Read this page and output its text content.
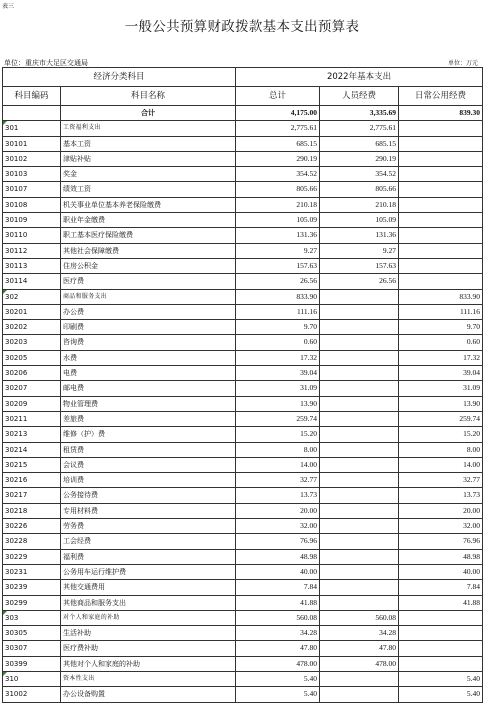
表三
一般公共预算财政拨款基本支出预算表
单位：重庆市大足区交通局	单位：万元
经济分类科目		2022年基本支出		
科目编码	科目名称	总计	人员经费	日常公用经费
	合计	4,175.00	3,335.69	839.30
301	工资福利支出	2,775.61	2,775.61	
30101	基本工资	685.15	685.15	
30102	津贴补贴	290.19	290.19	
30103	奖金	354.52	354.52	
30107	绩效工资	805.66	805.66	
30108	机关事业单位基本养老保险缴费	210.18	210.18	
30109	职业年金缴费	105.09	105.09	
30110	职工基本医疗保险缴费	131.36	131.36	
30112	其他社会保障缴费	9.27	9.27	
30113	住房公积金	157.63	157.63	
30114	医疗费	26.56	26.56	
302	商品和服务支出	833.90		833.90
30201	办公费	111.16		111.16
30202	印刷费	9.70		9.70
30203	咨询费	0.60		0.60
30205	水费	17.32		17.32
30206	电费	39.04		39.04
30207	邮电费	31.09		31.09
30209	物业管理费	13.90		13.90
30211	差旅费	259.74		259.74
30213	维修（护）费	15.20		15.20
30214	租赁费	8.00		8.00
30215	会议费	14.00		14.00
30216	培训费	32.77		32.77
30217	公务接待费	13.73		13.73
30218	专用材料费	20.00		20.00
30226	劳务费	32.00		32.00
30228	工会经费	76.96		76.96
30229	福利费	48.98		48.98
30231	公务用车运行维护费	40.00		40.00
30239	其他交通费用	7.84		7.84
30299	其他商品和服务支出	41.88		41.88
303	对个人和家庭的补助	560.08	560.08	
30305	生活补助	34.28	34.28	
30307	医疗费补助	47.80	47.80	
30399	其他对个人和家庭的补助	478.00	478.00	
310	资本性支出	5.40		5.40
31002	办公设备购置	5.40		5.40
